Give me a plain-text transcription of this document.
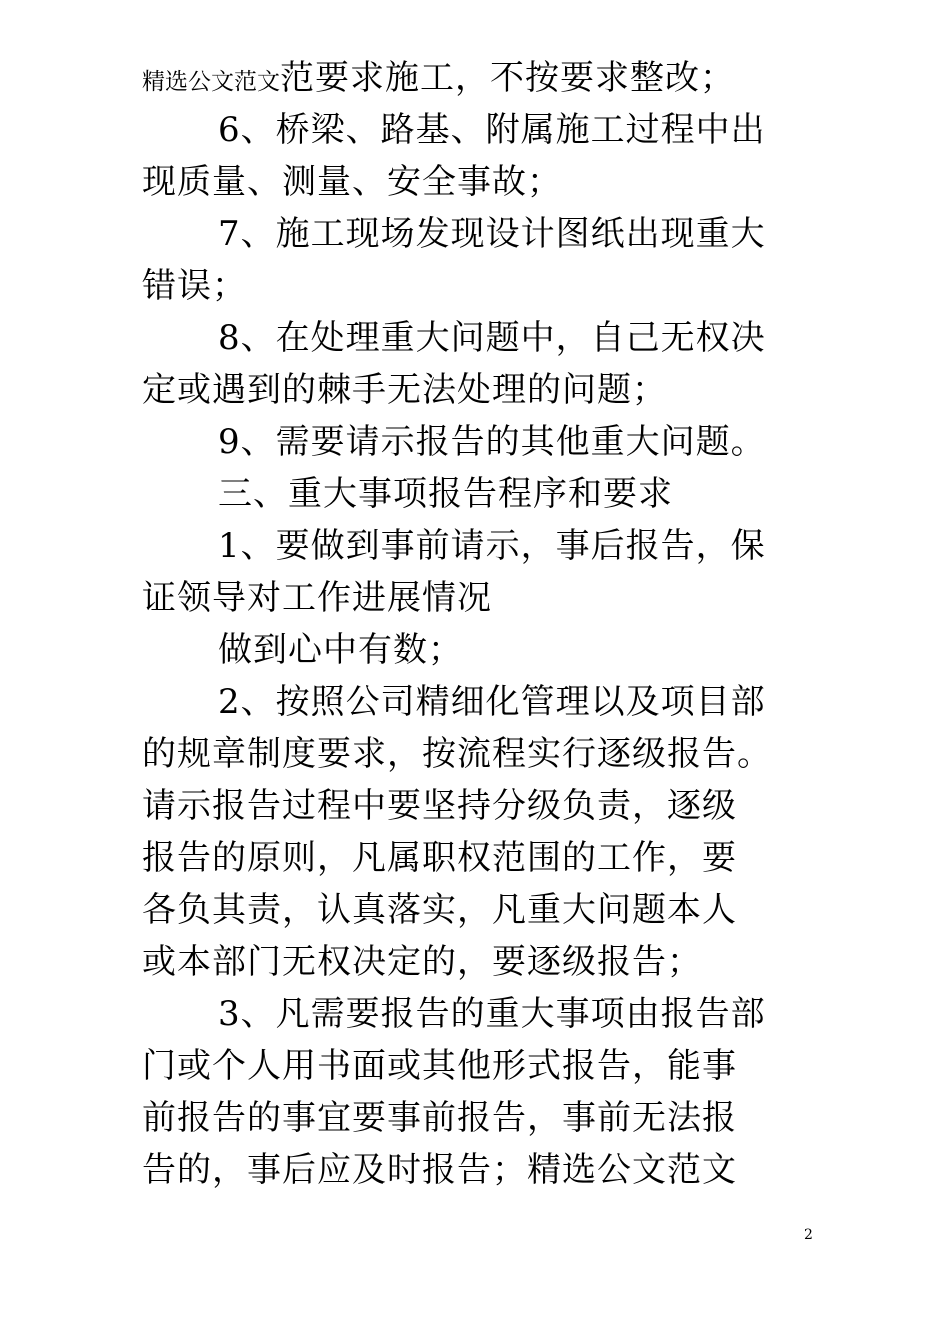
精选公文范文范要求施工，不按要求整改；
6、桥梁、路基、附属施工过程中出
现质量、测量、安全事故；
7、施工现场发现设计图纸出现重大
错误；
8、在处理重大问题中，自己无权决
定或遇到的棘手无法处理的问题；
9、需要请示报告的其他重大问题。
三、重大事项报告程序和要求
1、要做到事前请示，事后报告，保
证领导对工作进展情况
做到心中有数；
2、按照公司精细化管理以及项目部
的规章制度要求，按流程实行逐级报告。
请示报告过程中要坚持分级负责，逐级
报告的原则，凡属职权范围的工作，要
各负其责，认真落实，凡重大问题本人
或本部门无权决定的，要逐级报告；
3、凡需要报告的重大事项由报告部
门或个人用书面或其他形式报告，能事
前报告的事宜要事前报告，事前无法报
告的，事后应及时报告；精选公文范文
2
